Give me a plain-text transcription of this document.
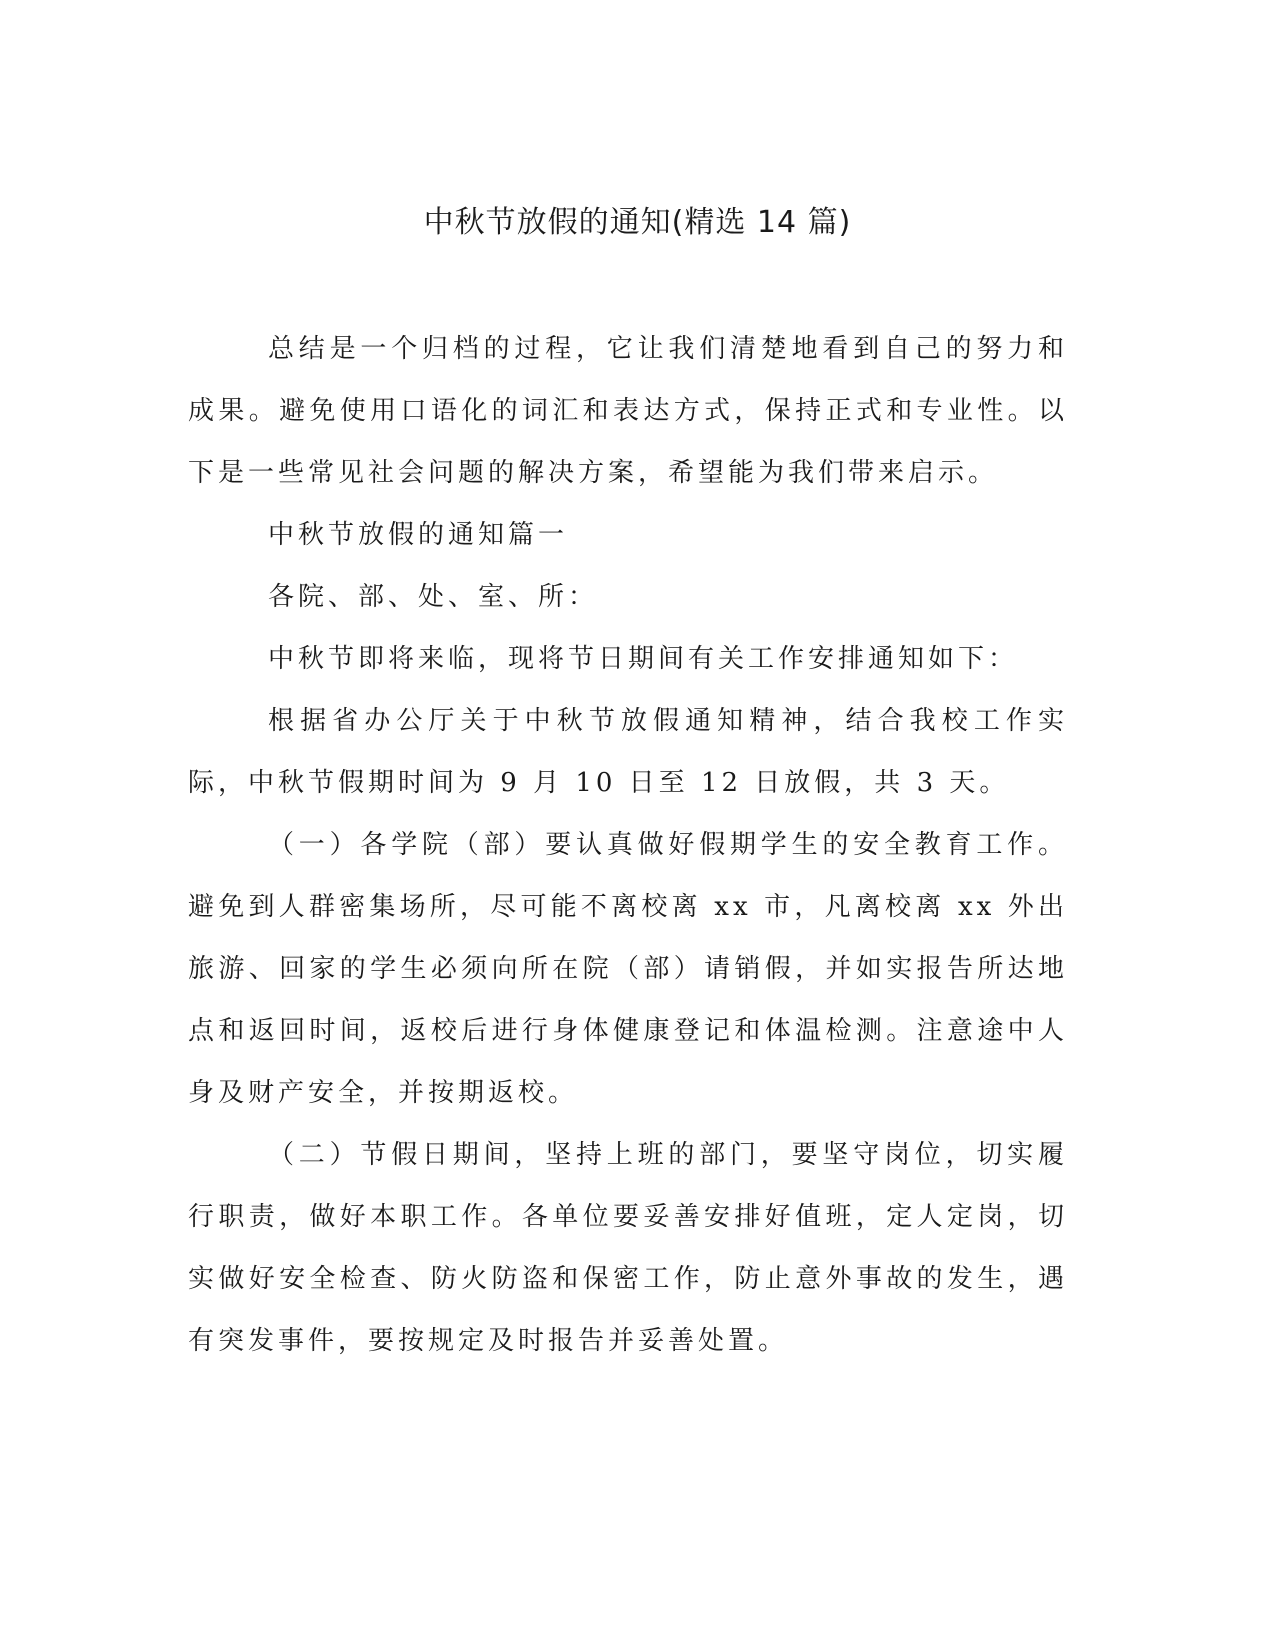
中秋节放假的通知(精选 14 篇)

总结是一个归档的过程，它让我们清楚地看到自己的努力和成果。避免使用口语化的词汇和表达方式，保持正式和专业性。以下是一些常见社会问题的解决方案，希望能为我们带来启示。

中秋节放假的通知篇一

各院、部、处、室、所：

中秋节即将来临，现将节日期间有关工作安排通知如下：

根据省办公厅关于中秋节放假通知精神，结合我校工作实际，中秋节假期时间为 9 月 10 日至 12 日放假，共 3 天。

（一）各学院（部）要认真做好假期学生的安全教育工作。避免到人群密集场所，尽可能不离校离 xx 市，凡离校离 xx 外出旅游、回家的学生必须向所在院（部）请销假，并如实报告所达地点和返回时间，返校后进行身体健康登记和体温检测。注意途中人身及财产安全，并按期返校。

（二）节假日期间，坚持上班的部门，要坚守岗位，切实履行职责，做好本职工作。各单位要妥善安排好值班，定人定岗，切实做好安全检查、防火防盗和保密工作，防止意外事故的发生，遇有突发事件，要按规定及时报告并妥善处置。
